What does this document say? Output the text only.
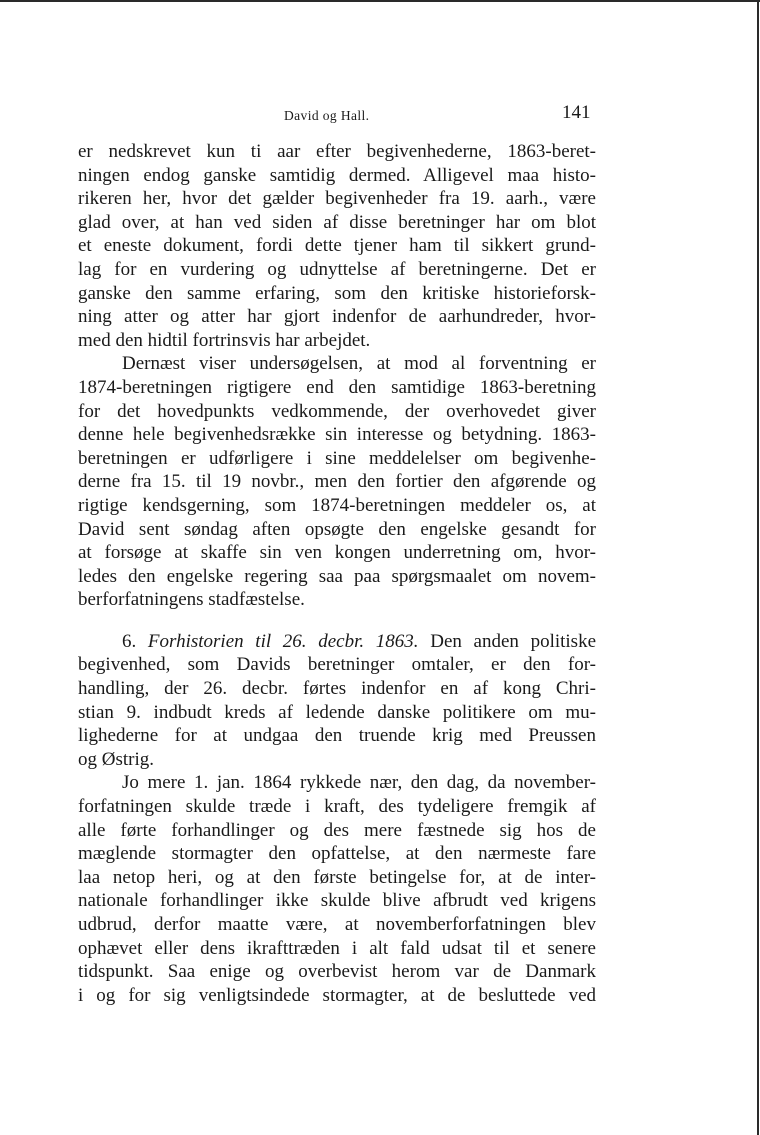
David og Hall.	141
er nedskrevet kun ti aar efter begivenhederne, 1863-beret-
ningen endog ganske samtidig dermed. Alligevel maa histo-
rikeren her, hvor det gælder begivenheder fra 19. aarh., være
glad over, at han ved siden af disse beretninger har om blot
et eneste dokument, fordi dette tjener ham til sikkert grund-
lag for en vurdering og udnyttelse af beretningerne. Det er
ganske den samme erfaring, som den kritiske historieforsk-
ning atter og atter har gjort indenfor de aarhundreder, hvor-
med den hidtil fortrinsvis har arbejdet.
Dernæst viser undersøgelsen, at mod al forventning er
1874-beretningen rigtigere end den samtidige 1863-beretning
for det hovedpunkts vedkommende, der overhovedet giver
denne hele begivenhedsrække sin interesse og betydning. 1863-
beretningen er udførligere i sine meddelelser om begivenhe-
derne fra 15. til 19 novbr., men den fortier den afgørende og
rigtige kendsgerning, som 1874-beretningen meddeler os, at
David sent søndag aften opsøgte den engelske gesandt for
at forsøge at skaffe sin ven kongen underretning om, hvor-
ledes den engelske regering saa paa spørgsmaalet om novem-
berforfatningens stadfæstelse.
6. Forhistorien til 26. decbr. 1863. Den anden politiske
begivenhed, som Davids beretninger omtaler, er den for-
handling, der 26. decbr. førtes indenfor en af kong Chri-
stian 9. indbudt kreds af ledende danske politikere om mu-
lighederne for at undgaa den truende krig med Preussen
og Østrig.
Jo mere 1. jan. 1864 rykkede nær, den dag, da november-
forfatningen skulde træde i kraft, des tydeligere fremgik af
alle førte forhandlinger og des mere fæstnede sig hos de
mæglende stormagter den opfattelse, at den nærmeste fare
laa netop heri, og at den første betingelse for, at de inter-
nationale forhandlinger ikke skulde blive afbrudt ved krigens
udbrud, derfor maatte være, at novemberforfatningen blev
ophævet eller dens ikrafttræden i alt fald udsat til et senere
tidspunkt. Saa enige og overbevist herom var de Danmark
i og for sig venligtsindede stormagter, at de besluttede ved
